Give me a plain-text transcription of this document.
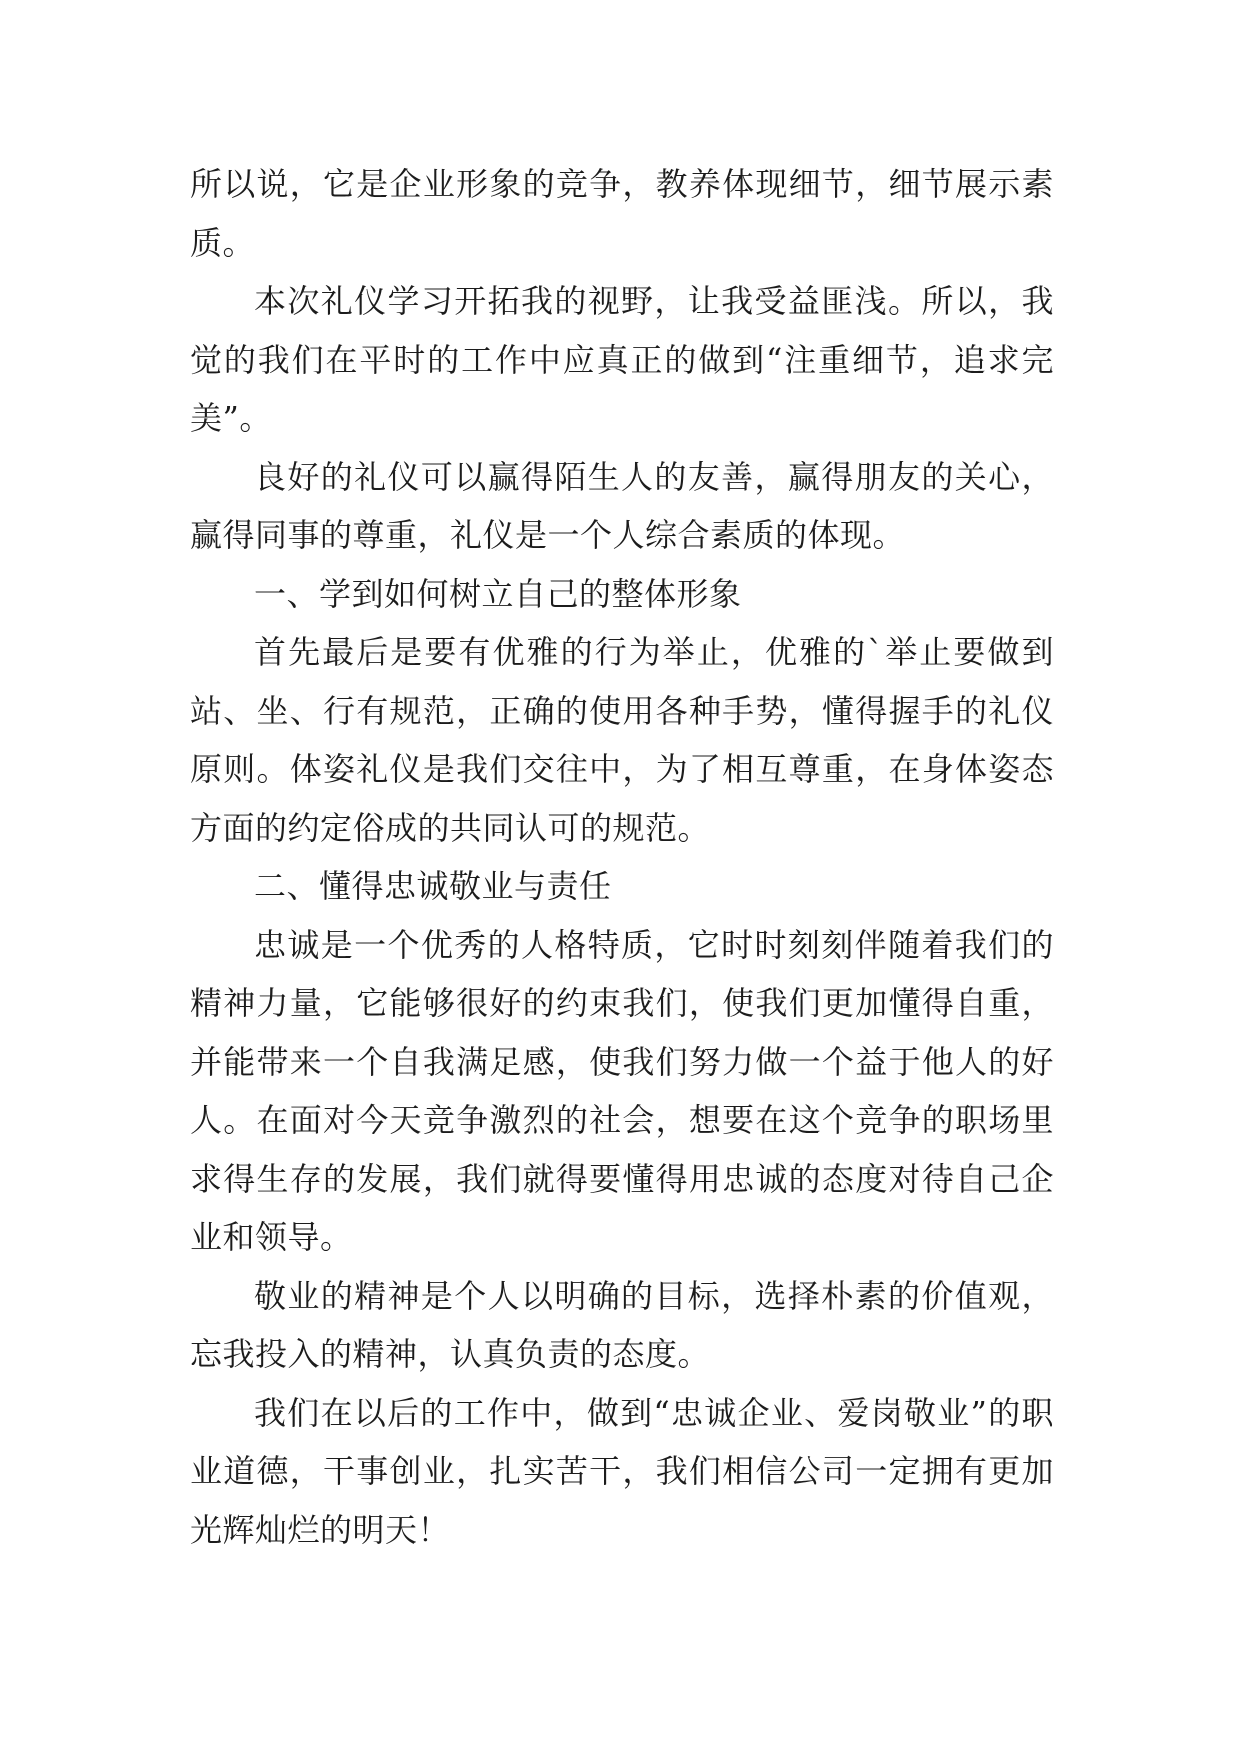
所以说，它是企业形象的竞争，教养体现细节，细节展示素质。

本次礼仪学习开拓我的视野，让我受益匪浅。所以，我觉的我们在平时的工作中应真正的做到“注重细节，追求完美”。

良好的礼仪可以赢得陌生人的友善，赢得朋友的关心，赢得同事的尊重，礼仪是一个人综合素质的体现。

一、学到如何树立自己的整体形象

首先最后是要有优雅的行为举止，优雅的`举止要做到站、坐、行有规范，正确的使用各种手势，懂得握手的礼仪原则。体姿礼仪是我们交往中，为了相互尊重，在身体姿态方面的约定俗成的共同认可的规范。

二、懂得忠诚敬业与责任

忠诚是一个优秀的人格特质，它时时刻刻伴随着我们的精神力量，它能够很好的约束我们，使我们更加懂得自重，并能带来一个自我满足感，使我们努力做一个益于他人的好人。在面对今天竞争激烈的社会，想要在这个竞争的职场里求得生存的发展，我们就得要懂得用忠诚的态度对待自己企业和领导。

敬业的精神是个人以明确的目标，选择朴素的价值观，忘我投入的精神，认真负责的态度。

我们在以后的工作中，做到“忠诚企业、爱岗敬业”的职业道德，干事创业，扎实苦干，我们相信公司一定拥有更加光辉灿烂的明天！
